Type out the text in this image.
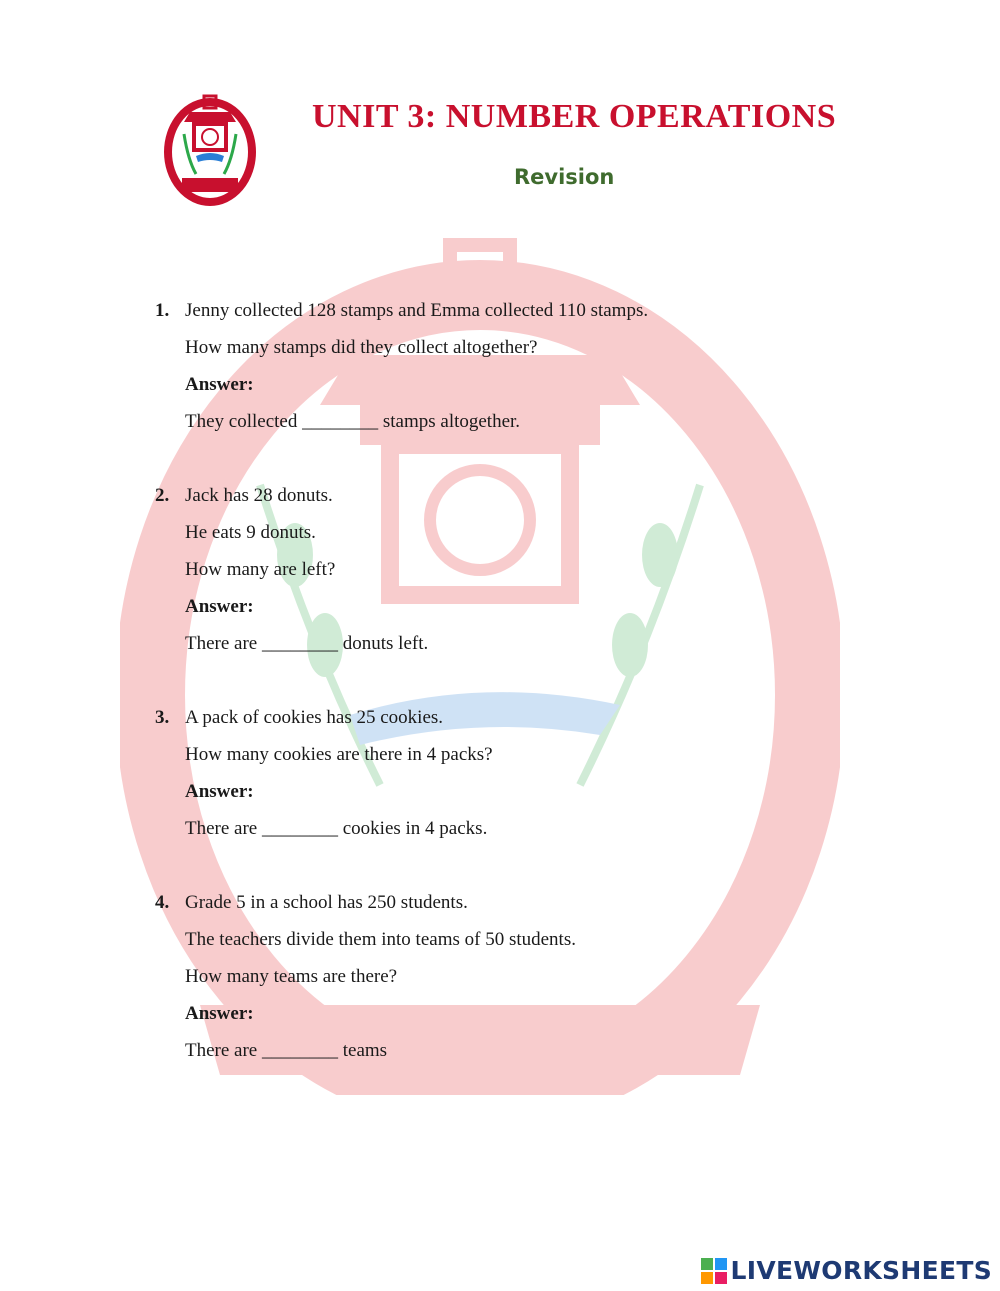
UNIT 3: NUMBER OPERATIONS
Revision
1. Jenny collected 128 stamps and Emma collected 110 stamps.
How many stamps did they collect altogether?
Answer:
They collected ________ stamps altogether.
2. Jack has 28 donuts.
He eats 9 donuts.
How many are left?
Answer:
There are ________ donuts left.
3. A pack of cookies has 25 cookies.
How many cookies are there in 4 packs?
Answer:
There are ________ cookies in 4 packs.
4. Grade 5 in a school has 250 students.
The teachers divide them into teams of 50 students.
How many teams are there?
Answer:
There are ________ teams
LIVEWORKSHEETS
